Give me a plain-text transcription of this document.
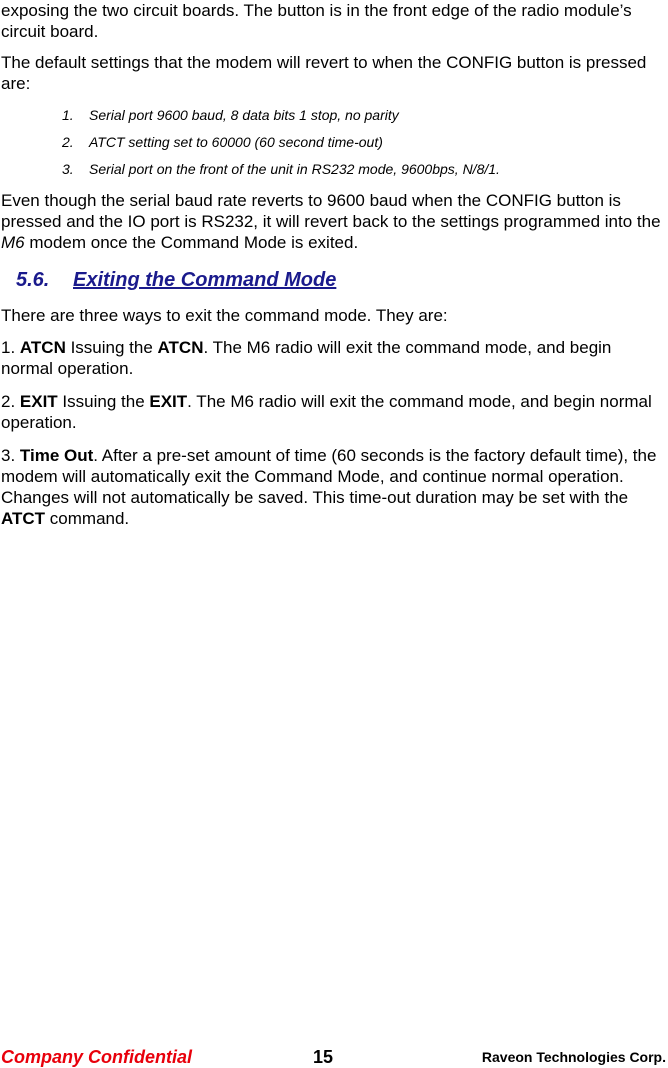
exposing the two circuit boards. The button is in the front edge of the radio module’s circuit board.
The default settings that the modem will revert to when the CONFIG button is pressed are:
1. Serial port 9600 baud, 8 data bits 1 stop, no parity
2. ATCT setting set to 60000 (60 second time-out)
3. Serial port on the front of the unit in RS232 mode, 9600bps, N/8/1.
Even though the serial baud rate reverts to 9600 baud when the CONFIG button is pressed and the IO port is RS232, it will revert back to the settings programmed into the M6 modem once the Command Mode is exited.
5.6. Exiting the Command Mode
There are three ways to exit the command mode. They are:
1. ATCN Issuing the ATCN. The M6 radio will exit the command mode, and begin normal operation.
2. EXIT Issuing the EXIT. The M6 radio will exit the command mode, and begin normal operation.
3. Time Out. After a pre-set amount of time (60 seconds is the factory default time), the modem will automatically exit the Command Mode, and continue normal operation. Changes will not automatically be saved. This time-out duration may be set with the ATCT command.
Company Confidential	15	Raveon Technologies Corp.
